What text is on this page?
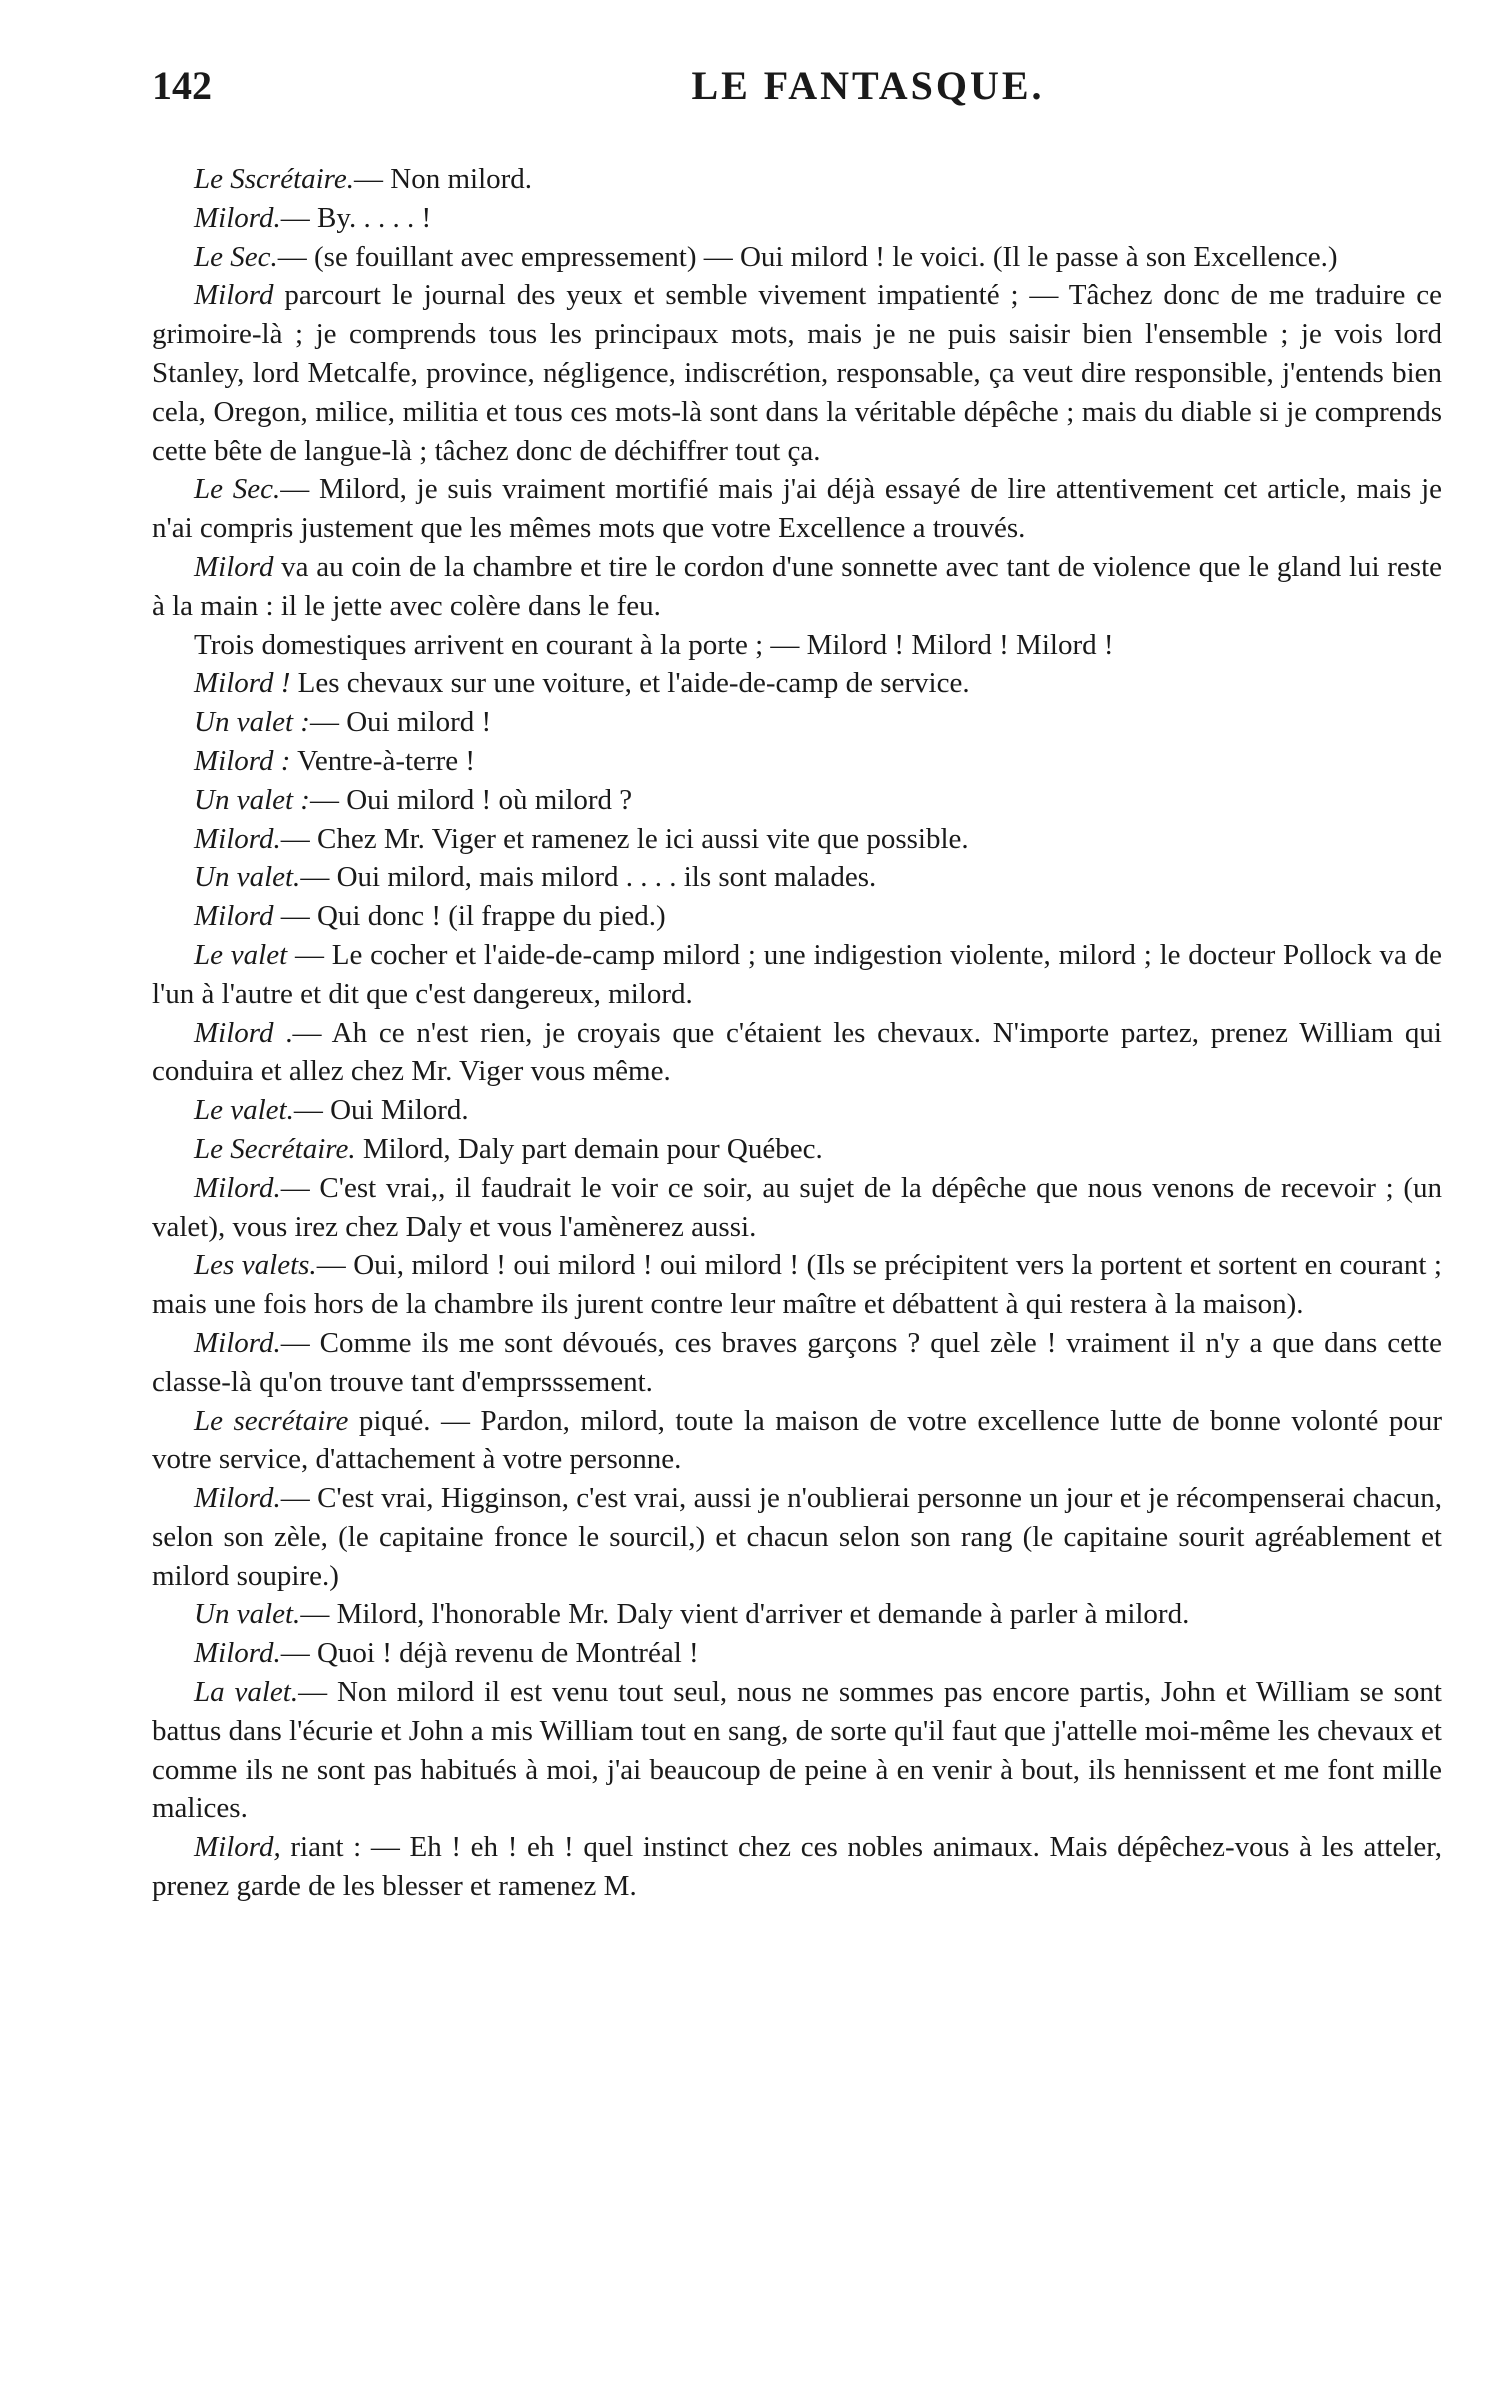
142	LE FANTASQUE.

Le Sscrétaire.— Non milord.

Milord.— By. . . . . !

Le Sec.— (se fouillant avec empressement) — Oui milord ! le voici. (Il le passe à son Excellence.)

Milord parcourt le journal des yeux et semble vivement impatienté ; — Tâchez donc de me traduire ce grimoire-là ; je comprends tous les principaux mots, mais je ne puis saisir bien l'ensemble ; je vois lord Stanley, lord Metcalfe, province, négligence, indiscrétion, responsable, ça veut dire responsible, j'entends bien cela, Oregon, milice, militia et tous ces mots-là sont dans la véritable dépêche ; mais du diable si je comprends cette bête de langue-là ; tâchez donc de déchiffrer tout ça.

Le Sec.— Milord, je suis vraiment mortifié mais j'ai déjà essayé de lire attentivement cet article, mais je n'ai compris justement que les mêmes mots que votre Excellence a trouvés.

Milord va au coin de la chambre et tire le cordon d'une sonnette avec tant de violence que le gland lui reste à la main : il le jette avec colère dans le feu.

Trois domestiques arrivent en courant à la porte ; — Milord ! Milord ! Milord !

Milord ! Les chevaux sur une voiture, et l'aide-de-camp de service.

Un valet :— Oui milord !

Milord : Ventre-à-terre !

Un valet :— Oui milord ! où milord ?

Milord.— Chez Mr. Viger et ramenez le ici aussi vite que possible.

Un valet.— Oui milord, mais milord . . . . ils sont malades.

Milord — Qui donc ! (il frappe du pied.)

Le valet — Le cocher et l'aide-de-camp milord ; une indigestion violente, milord ; le docteur Pollock va de l'un à l'autre et dit que c'est dangereux, milord.

Milord .— Ah ce n'est rien, je croyais que c'étaient les chevaux. N'importe partez, prenez William qui conduira et allez chez Mr. Viger vous même.

Le valet.— Oui Milord.

Le Secrétaire. Milord, Daly part demain pour Québec.

Milord.— C'est vrai,, il faudrait le voir ce soir, au sujet de la dépêche que nous venons de recevoir ; (un valet), vous irez chez Daly et vous l'amènerez aussi.

Les valets.— Oui, milord ! oui milord ! oui milord ! (Ils se précipitent vers la portent et sortent en courant ; mais une fois hors de la chambre ils jurent contre leur maître et débattent à qui restera à la maison).

Milord.— Comme ils me sont dévoués, ces braves garçons ? quel zèle ! vraiment il n'y a que dans cette classe-là qu'on trouve tant d'emprsssement.

Le secrétaire piqué. — Pardon, milord, toute la maison de votre excellence lutte de bonne volonté pour votre service, d'attachement à votre personne.

Milord.— C'est vrai, Higginson, c'est vrai, aussi je n'oublierai personne un jour et je récompenserai chacun, selon son zèle, (le capitaine fronce le sourcil,) et chacun selon son rang (le capitaine sourit agréablement et milord soupire.)

Un valet.— Milord, l'honorable Mr. Daly vient d'arriver et demande à parler à milord.

Milord.— Quoi ! déjà revenu de Montréal !

La valet.— Non milord il est venu tout seul, nous ne sommes pas encore partis, John et William se sont battus dans l'écurie et John a mis William tout en sang, de sorte qu'il faut que j'attelle moi-même les chevaux et comme ils ne sont pas habitués à moi, j'ai beaucoup de peine à en venir à bout, ils hennissent et me font mille malices.

Milord, riant : — Eh ! eh ! eh ! quel instinct chez ces nobles animaux. Mais dépêchez-vous à les atteler, prenez garde de les blesser et ramenez M.
